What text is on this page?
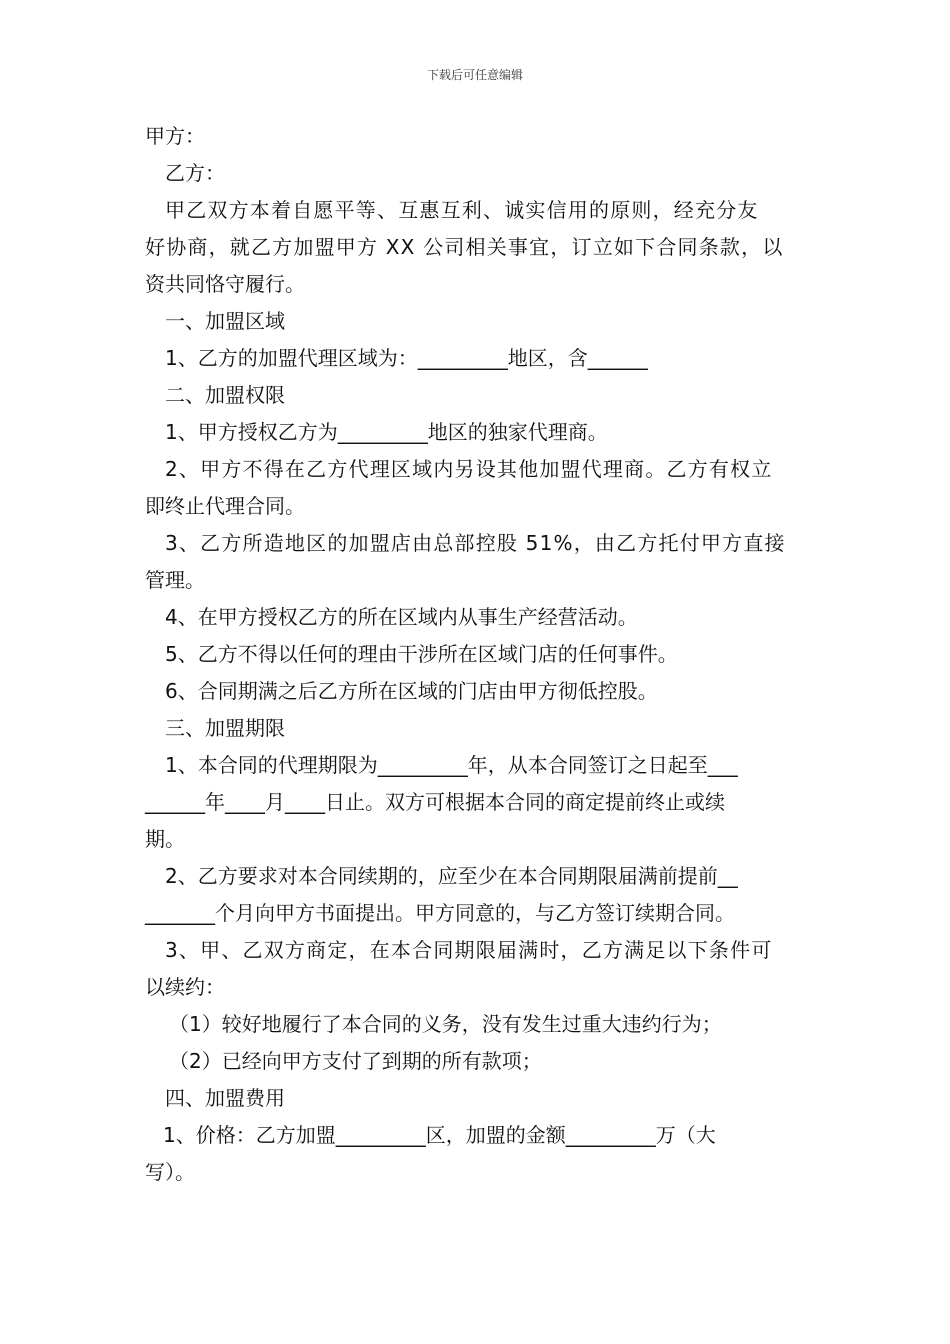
下载后可任意编辑
甲方：
乙方：
甲乙双方本着自愿平等、互惠互利、诚实信用的原则，经充分友
好协商，就乙方加盟甲方 XX 公司相关事宜，订立如下合同条款，以
资共同恪守履行。
一、加盟区域
1、乙方的加盟代理区域为：_________地区，含______
二、加盟权限
1、甲方授权乙方为_________地区的独家代理商。
2、甲方不得在乙方代理区域内另设其他加盟代理商。乙方有权立
即终止代理合同。
3、乙方所造地区的加盟店由总部控股 51%，由乙方托付甲方直接
管理。
4、在甲方授权乙方的所在区域内从事生产经营活动。
5、乙方不得以任何的理由干涉所在区域门店的任何事件。
6、合同期满之后乙方所在区域的门店由甲方彻低控股。
三、加盟期限
1、本合同的代理期限为_________年，从本合同签订之日起至___
______年____月____日止。双方可根据本合同的商定提前终止或续
期。
2、乙方要求对本合同续期的，应至少在本合同期限届满前提前__
_______个月向甲方书面提出。甲方同意的，与乙方签订续期合同。
3、甲、乙双方商定，在本合同期限届满时，乙方满足以下条件可
以续约：
（1）较好地履行了本合同的义务，没有发生过重大违约行为；
（2）已经向甲方支付了到期的所有款项；
四、加盟费用
1、价格：乙方加盟_________区，加盟的金额_________万（大
写）。
